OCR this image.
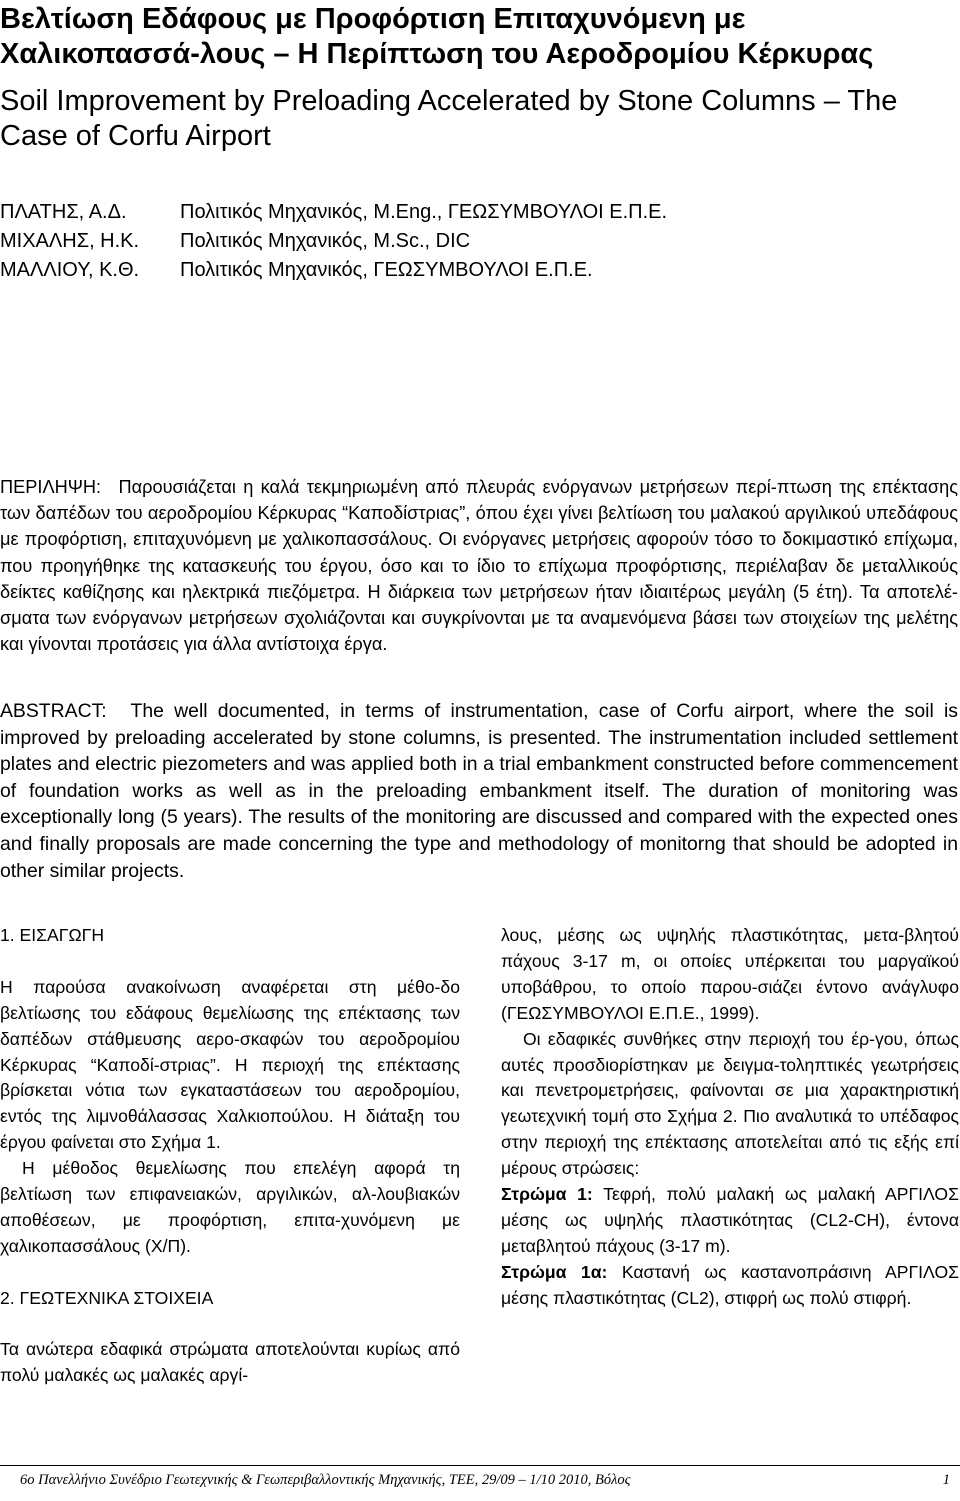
Βελτίωση Εδάφους με Προφόρτιση Επιταχυνόμενη με Χαλικοπασσά-λους – Η Περίπτωση του Αεροδρομίου Κέρκυρας
Soil Improvement by Preloading Accelerated by Stone Columns – The Case of Corfu Airport
ΠΛΑΤΗΣ, Α.Δ.	Πολιτικός Μηχανικός, M.Eng., ΓΕΩΣΥΜΒΟΥΛΟΙ Ε.Π.Ε.
ΜΙΧΑΛΗΣ, Η.Κ.	Πολιτικός Μηχανικός, M.Sc., DIC
ΜΑΛΛΙΟΥ, Κ.Θ.	Πολιτικός Μηχανικός, ΓΕΩΣΥΜΒΟΥΛΟΙ Ε.Π.Ε.

ΠΕΡΙΛΗΨΗ: Παρουσιάζεται η καλά τεκμηριωμένη από πλευράς ενόργανων μετρήσεων περί-πτωση της επέκτασης των δαπέδων του αεροδρομίου Κέρκυρας “Καποδίστριας”, όπου έχει γίνει βελτίωση του μαλακού αργιλικού υπεδάφους με προφόρτιση, επιταχυνόμενη με χαλικοπασσάλους. Οι ενόργανες μετρήσεις αφορούν τόσο το δοκιμαστικό επίχωμα, που προηγήθηκε της κατασκευής του έργου, όσο και το ίδιο το επίχωμα προφόρτισης, περιέλαβαν δε μεταλλικούς δείκτες καθίζησης και ηλεκτρικά πιεζόμετρα. Η διάρκεια των μετρήσεων ήταν ιδιαιτέρως μεγάλη (5 έτη). Τα αποτελέ-σματα των ενόργανων μετρήσεων σχολιάζονται και συγκρίνονται με τα αναμενόμενα βάσει των στοιχείων της μελέτης και γίνονται προτάσεις για άλλα αντίστοιχα έργα.

ABSTRACT: The well documented, in terms of instrumentation, case of Corfu airport, where the soil is improved by preloading accelerated by stone columns, is presented. The instrumentation included settlement plates and electric piezometers and was applied both in a trial embankment constructed before commencement of foundation works as well as in the preloading embankment itself. The duration of monitoring was exceptionally long (5 years). The results of the monitoring are discussed and compared with the expected ones and finally proposals are made concerning the type and methodology of monitorng that should be adopted in other similar projects.

1. ΕΙΣΑΓΩΓΗ

Η παρούσα ανακοίνωση αναφέρεται στη μέθο-δο βελτίωσης του εδάφους θεμελίωσης της επέκτασης των δαπέδων στάθμευσης αερο-σκαφών του αεροδρομίου Κέρκυρας “Καποδί-στριας”. Η περιοχή της επέκτασης βρίσκεται νότια των εγκαταστάσεων του αεροδρομίου, εντός της λιμνοθάλασσας Χαλκιοπούλου. Η διάταξη του έργου φαίνεται στο Σχήμα 1.

Η μέθοδος θεμελίωσης που επελέγη αφορά τη βελτίωση των επιφανειακών, αργιλικών, αλ-λουβιακών αποθέσεων, με προφόρτιση, επιτα-χυνόμενη με χαλικοπασσάλους (Χ/Π).

2. ΓΕΩΤΕΧΝΙΚΑ ΣΤΟΙΧΕΙΑ

Τα ανώτερα εδαφικά στρώματα αποτελούνται κυρίως από πολύ μαλακές ως μαλακές αργί-

λους, μέσης ως υψηλής πλαστικότητας, μετα-βλητού πάχους 3-17 m, οι οποίες υπέρκειται του μαργαϊκού υποβάθρου, το οποίο παρου-σιάζει έντονο ανάγλυφο (ΓΕΩΣΥΜΒΟΥΛΟΙ Ε.Π.Ε., 1999).

Οι εδαφικές συνθήκες στην περιοχή του έρ-γου, όπως αυτές προσδιορίστηκαν με δειγμα-τοληπτικές γεωτρήσεις και πενετρομετρήσεις, φαίνονται σε μια χαρακτηριστική γεωτεχνική τομή στο Σχήμα 2. Πιο αναλυτικά το υπέδαφος στην περιοχή της επέκτασης αποτελείται από τις εξής επί μέρους στρώσεις:

Στρώμα 1: Τεφρή, πολύ μαλακή ως μαλακή ΑΡΓΙΛΟΣ μέσης ως υψηλής πλαστικότητας (CL2-CH), έντονα μεταβλητού πάχους (3-17 m).

Στρώμα 1α: Καστανή ως καστανοπράσινη ΑΡΓΙΛΟΣ μέσης πλαστικότητας (CL2), στιφρή ως πολύ στιφρή.

6ο Πανελλήνιο Συνέδριο Γεωτεχνικής & Γεωπεριβαλλοντικής Μηχανικής, ΤΕΕ, 29/09 – 1/10 2010, Βόλος	1
